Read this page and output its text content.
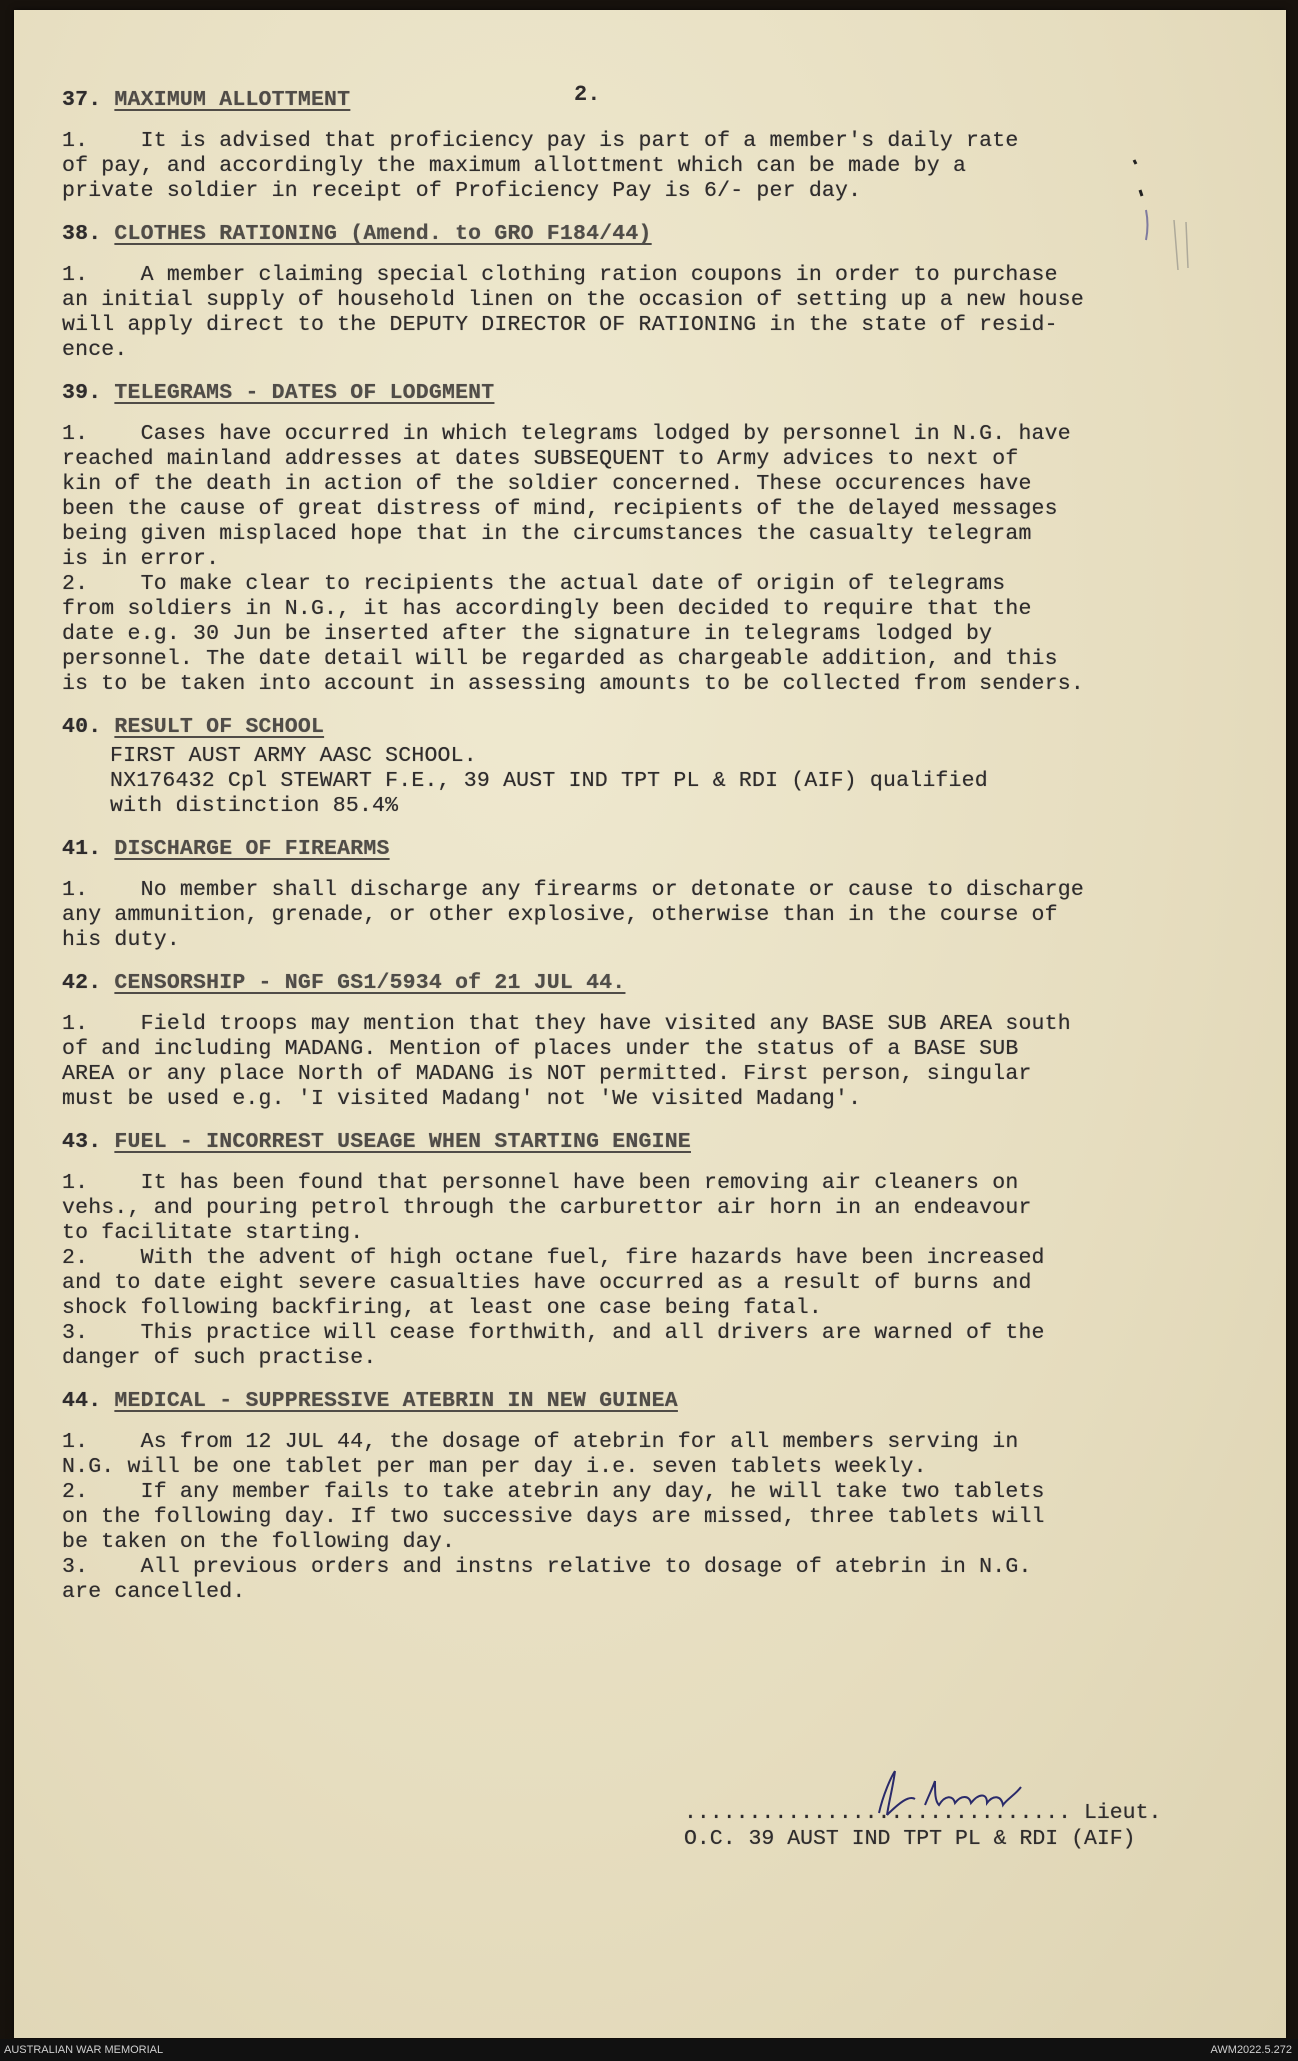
2.
37. MAXIMUM ALLOTTMENT

1.    It is advised that proficiency pay is part of a member's daily rate
of pay, and accordingly the maximum allottment which can be made by a
private soldier in receipt of Proficiency Pay is 6/- per day.

38. CLOTHES RATIONING (Amend. to GRO F184/44)

1.    A member claiming special clothing ration coupons in order to purchase
an initial supply of household linen on the occasion of setting up a new house
will apply direct to the DEPUTY DIRECTOR OF RATIONING in the state of resid-
ence.

39. TELEGRAMS - DATES OF LODGMENT

1.    Cases have occurred in which telegrams lodged by personnel in N.G. have
reached mainland addresses at dates SUBSEQUENT to Army advices to next of
kin of the death in action of the soldier concerned. These occurences have
been the cause of great distress of mind, recipients of the delayed messages
being given misplaced hope that in the circumstances the casualty telegram
is in error.

2.    To make clear to recipients the actual date of origin of telegrams
from soldiers in N.G., it has accordingly been decided to require that the
date e.g. 30 Jun be inserted after the signature in telegrams lodged by
personnel. The date detail will be regarded as chargeable addition, and this
is to be taken into account in assessing amounts to be collected from senders.

40. RESULT OF SCHOOL

FIRST AUST ARMY AASC SCHOOL.
NX176432 Cpl STEWART F.E., 39 AUST IND TPT PL & RDI (AIF) qualified
with distinction 85.4%

41. DISCHARGE OF FIREARMS

1.    No member shall discharge any firearms or detonate or cause to discharge
any ammunition, grenade, or other explosive, otherwise than in the course of
his duty.

42. CENSORSHIP - NGF GS1/5934 of 21 JUL 44.

1.    Field troops may mention that they have visited any BASE SUB AREA south
of and including MADANG. Mention of places under the status of a BASE SUB
AREA or any place North of MADANG is NOT permitted. First person, singular
must be used e.g. 'I visited Madang' not 'We visited Madang'.

43. FUEL - INCORREST USEAGE WHEN STARTING ENGINE

1.    It has been found that personnel have been removing air cleaners on
vehs., and pouring petrol through the carburettor air horn in an endeavour
to facilitate starting.

2.    With the advent of high octane fuel, fire hazards have been increased
and to date eight severe casualties have occurred as a result of burns and
shock following backfiring, at least one case being fatal.

3.    This practice will cease forthwith, and all drivers are warned of the
danger of such practise.

44. MEDICAL - SUPPRESSIVE ATEBRIN IN NEW GUINEA

1.    As from 12 JUL 44, the dosage of atebrin for all members serving in
N.G. will be one tablet per man per day i.e. seven tablets weekly.

2.    If any member fails to take atebrin any day, he will take two tablets
on the following day. If two successive days are missed, three tablets will
be taken on the following day.

3.    All previous orders and instns relative to dosage of atebrin in N.G.
are cancelled.

.............................. Lieut.
O.C. 39 AUST IND TPT PL & RDI (AIF)
AUSTRALIAN WAR MEMORIAL	AWM2022.5.272
